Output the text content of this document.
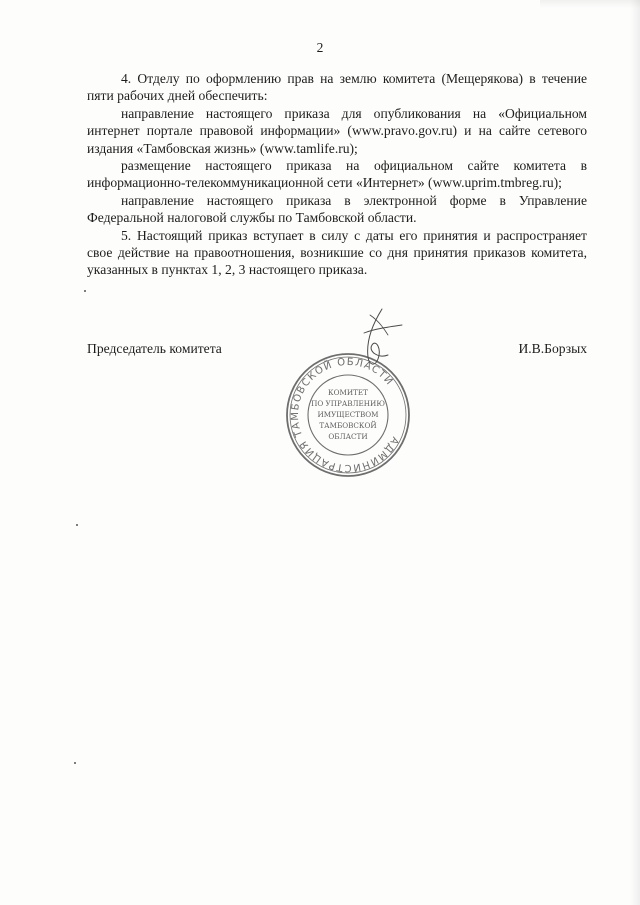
2

4. Отделу по оформлению прав на землю комитета (Мещерякова) в течение пяти рабочих дней обеспечить:

направление настоящего приказа для опубликования на «Официальном интернет портале правовой информации» (www.pravo.gov.ru) и на сайте сетевого издания «Тамбовская жизнь» (www.tamlife.ru);

размещение настоящего приказа на официальном сайте комитета в информационно-телекоммуникационной сети «Интернет» (www.uprim.tmbreg.ru);

направление настоящего приказа в электронной форме в Управление Федеральной налоговой службы по Тамбовской области.

5. Настоящий приказ вступает в силу с даты его принятия и распространяет свое действие на правоотношения, возникшие со дня принятия приказов комитета, указанных в пунктах 1, 2, 3 настоящего приказа.

Председатель комитета	И.В.Борзых
АДМИНИСТРАЦИЯ ТАМБОВСКОЙ ОБЛАСТИ
КОМИТЕТ
ПО УПРАВЛЕНИЮ
ИМУЩЕСТВОМ
ТАМБОВСКОЙ
ОБЛАСТИ
